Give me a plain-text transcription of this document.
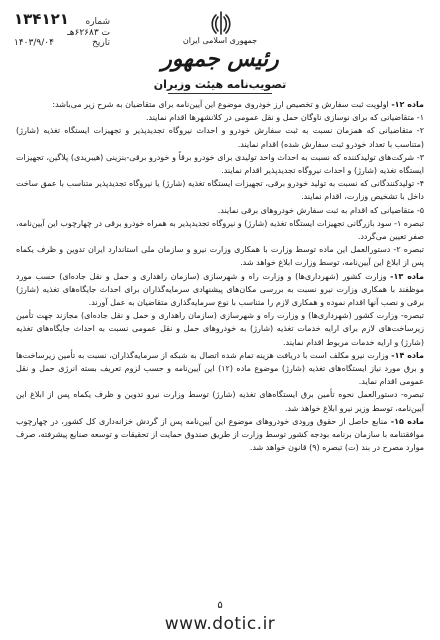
شماره
۱۳۴۱۲۱
ت ۶۲۶۸۳هـ
تاریخ
۱۴۰۳/۹/۰۴	جمهوری اسلامی ایران
رئیس جمهور
تصویب‌نامه هیئت وزیران

ماده ۱۲- اولویت ثبت سفارش و تخصیص ارز خودروی موضوع این آیین‌نامه برای متقاضیان به شرح زیر می‌باشد:

۱- متقاضیانی که برای نوسازی ناوگان حمل و نقل عمومی در کلانشهرها اقدام نمایند.

۲- متقاضیانی که همزمان نسبت به ثبت سفارش خودرو و احداث نیروگاه تجدیدپذیر و تجهیزات ایستگاه تغذیه (شارژ) (متناسب با تعداد خودرو ثبت سفارش شده) اقدام نمایند.

۳- شرکت‌های تولیدکننده که نسبت به احداث واحد تولیدی برای خودرو برقاً و خودرو برقی-بنزینی (هیبریدی) پلاگین، تجهیزات ایستگاه تغذیه (شارژ) و احداث نیروگاه تجدیدپذیر اقدام نمایند.

۴- تولیدکنندگانی که نسبت به تولید خودرو برقی، تجهیزات ایستگاه تغذیه (شارژ) یا نیروگاه تجدیدپذیر متناسب با عمق ساخت داخل با تشخیص وزارت، اقدام نمایند.

۵- متقاضیانی که اقدام به ثبت سفارش خودروهای برقی نمایند.

تبصره ۱- سود بازرگانی تجهیزات ایستگاه تغذیه (شارژ) و نیروگاه تجدیدپذیر به همراه خودرو برقی در چهارچوب این آیین‌نامه، صفر تعیین می‌گردد.

تبصره ۲- دستورالعمل این ماده توسط وزارت با همکاری وزارت نیرو و سازمان ملی استاندارد ایران تدوین و ظرف یکماه پس از ابلاغ این آیین‌نامه، توسط وزارت ابلاغ خواهد شد.

ماده ۱۳- وزارت کشور (شهرداری‌ها) و وزارت راه و شهرسازی (سازمان راهداری و حمل و نقل جاده‌ای) حسب مورد موظفند با همکاری وزارت نیرو نسبت به بررسی مکان‌های پیشنهادی سرمایه‌گذاران برای احداث جایگاه‌های تغذیه (شارژ) برقی و نصب آنها اقدام نموده و همکاری لازم را متناسب با نوع سرمایه‌گذاری متقاضیان به عمل آورند.

تبصره- وزارت کشور (شهرداری‌ها) و وزارت راه و شهرسازی (سازمان راهداری و حمل و نقل جاده‌ای) مجازند جهت تأمین زیرساخت‌های لازم برای ارایه خدمات تغذیه (شارژ) به خودروهای حمل و نقل عمومی نسبت به احداث جایگاه‌های تغذیه (شارژ) و ارایه خدمات مربوط اقدام نمایند.

ماده ۱۴- وزارت نیرو مکلف است با دریافت هزینه تمام شده اتصال به شبکه از سرمایه‌گذاران، نسبت به تأمین زیرساخت‌ها و برق مورد نیاز ایستگاه‌های تغذیه (شارژ) موضوع ماده (۱۲) این آیین‌نامه و حسب لزوم تعریف بسته انرژی حمل و نقل عمومی اقدام نماید.

تبصره- دستورالعمل نحوه تأمین برق ایستگاه‌های تغذیه (شارژ) توسط وزارت نیرو تدوین و ظرف یکماه پس از ابلاغ این آیین‌نامه، توسط وزیر نیرو ابلاغ خواهد شد.

ماده ۱۵- منابع حاصل از حقوق ورودی خودروهای موضوع این آیین‌نامه پس از گردش خزانه‌داری کل کشور، در چهارچوب موافقتنامه با سازمان برنامه بودجه کشور توسط وزارت از طریق صندوق حمایت از تحقیقات و توسعه صنایع پیشرفته، صرف موارد مصرح در بند (ت) تبصره (۹) قانون خواهد شد.

۵
www.dotic.ir
